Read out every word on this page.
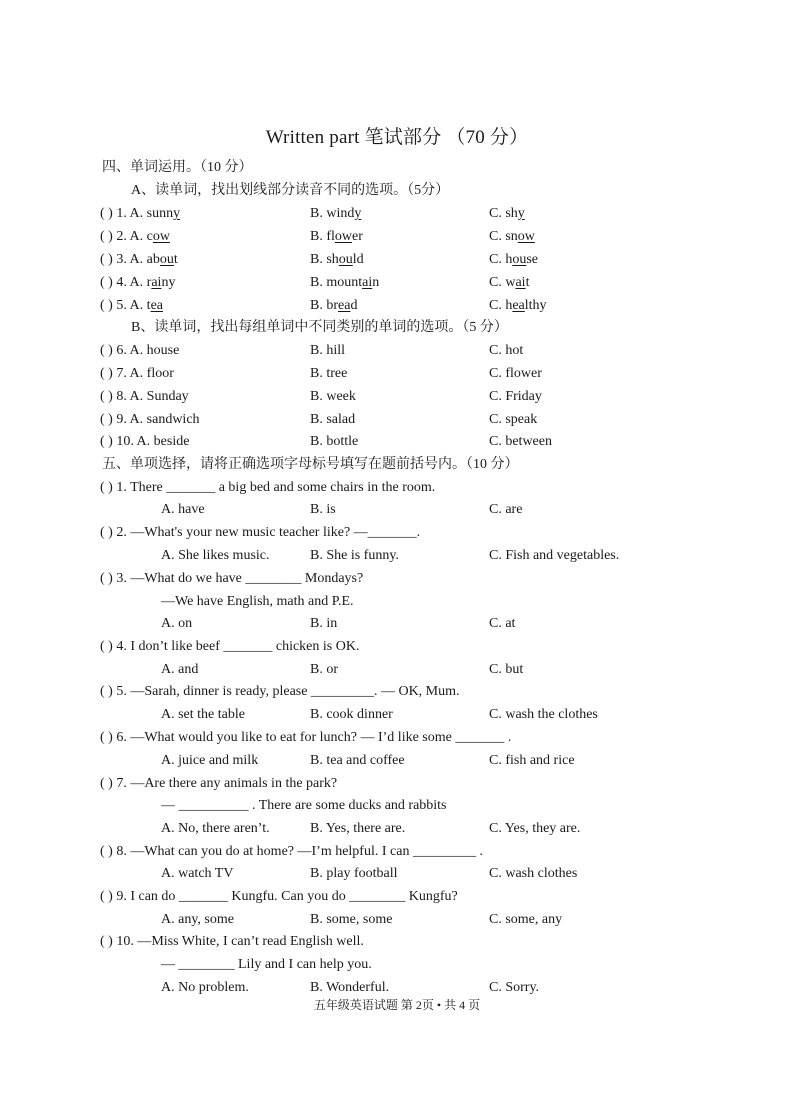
Written part 笔试部分 （70 分）
四、单词运用。（10 分）
A、读单词，找出划线部分读音不同的选项。（5分）
( ) 1. A. sunny	B. windy	C. shy
( ) 2. A. cow	B. flower	C. snow
( ) 3. A. about	B. should	C. house
( ) 4. A. rainy	B. mountain	C. wait
( ) 5. A. tea	B. bread	C. healthy
B、读单词，找出每组单词中不同类别的单词的选项。（5 分）
( ) 6. A. house	B. hill	C. hot
( ) 7. A. floor	B. tree	C. flower
( ) 8. A. Sunday	B. week	C. Friday
( ) 9. A. sandwich	B. salad	C. speak
( ) 10. A. beside	B. bottle	C. between
五、单项选择，请将正确选项字母标号填写在题前括号内。（10 分）
( ) 1. There _______ a big bed and some chairs in the room.
A. have	B. is	C. are
( ) 2. —What's your new music teacher like? —_______.
A. She likes music.	B. She is funny.	C. Fish and vegetables.
( ) 3. —What do we have ________ Mondays?
—We have English, math and P.E.
A. on	B. in	C. at
( ) 4. I don’t like beef _______ chicken is OK.
A. and	B. or	C. but
( ) 5. —Sarah, dinner is ready, please _________. — OK, Mum.
A. set the table	B. cook dinner	C. wash the clothes
( ) 6. —What would you like to eat for lunch? — I’d like some _______ .
A. juice and milk	B. tea and coffee	C. fish and rice
( ) 7. —Are there any animals in the park?
— __________ . There are some ducks and rabbits
A. No, there aren’t.	B. Yes, there are.	C. Yes, they are.
( ) 8. —What can you do at home? —I’m helpful. I can _________ .
A. watch TV	B. play football	C. wash clothes
( ) 9. I can do _______ Kungfu. Can you do ________ Kungfu?
A. any, some	B. some, some	C. some, any
( ) 10. —Miss White, I can’t read English well.
— ________ Lily and I can help you.
A. No problem.	B. Wonderful.	C. Sorry.
五年级英语试题 第 2页 • 共 4 页
